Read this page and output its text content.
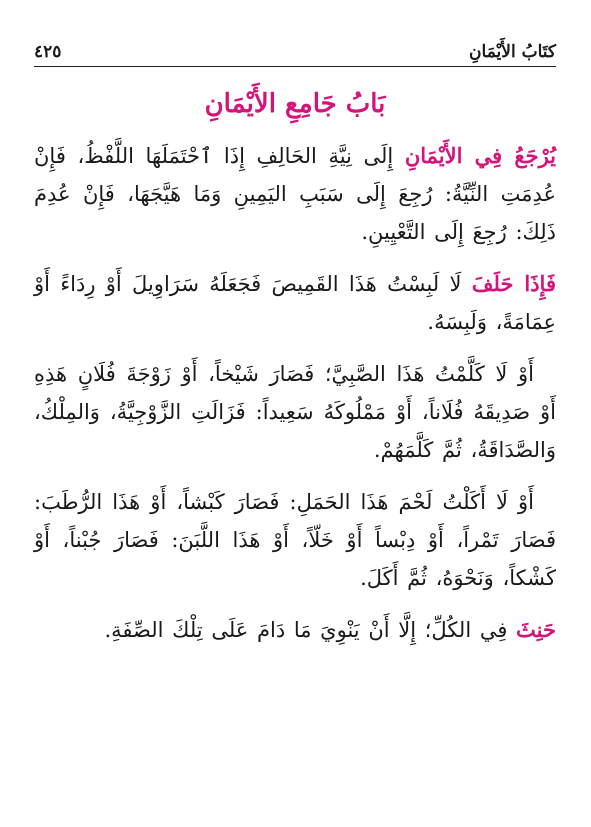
كتَابُ الأَيْمَانِ
٤٢٥
بَابُ جَامِعِ الأَيْمَانِ

يُرْجَعُ فِي الأَيْمَانِ إِلَى نِيَّةِ الحَالِفِ إِذَا ٱحْتَمَلَهَا اللَّفْظُ، فَإِنْ عُدِمَتِ النِّيَّةُ: رُجِعَ إِلَى سَبَبِ اليَمِينِ وَمَا هَيَّجَهَا، فَإِنْ عُدِمَ ذَلِكَ: رُجِعَ إِلَى التَّعْيِينِ.

فَإِذَا حَلَفَ لَا لَبِسْتُ هَذَا القَمِيصَ فَجَعَلَهُ سَرَاوِيلَ أَوْ رِدَاءً أَوْ عِمَامَةً، وَلَبِسَهُ.

أَوْ لَا كَلَّمْتُ هَذَا الصَّبِيَّ؛ فَصَارَ شَيْخاً، أَوْ زَوْجَةَ فُلَانٍ هَذِهِ أَوْ صَدِيقَهُ فُلَاناً، أَوْ مَمْلُوكَهُ سَعِيداً: فَزَالَتِ الزَّوْجِيَّةُ، وَالمِلْكُ، وَالصَّدَاقَةُ، ثُمَّ كَلَّمَهُمْ.

أَوْ لَا أَكَلْتُ لَحْمَ هَذَا الحَمَلِ: فَصَارَ كَبْشاً، أَوْ هَذَا الرُّطَبَ: فَصَارَ تَمْراً، أَوْ دِبْساً أَوْ خَلّاً، أَوْ هَذَا اللَّبَنَ: فَصَارَ جُبْناً، أَوْ كَشْكاً، وَنَحْوَهُ، ثُمَّ أَكَلَ.

حَنِثَ فِي الكُلِّ؛ إِلَّا أَنْ يَنْوِيَ مَا دَامَ عَلَى تِلْكَ الصِّفَةِ.
